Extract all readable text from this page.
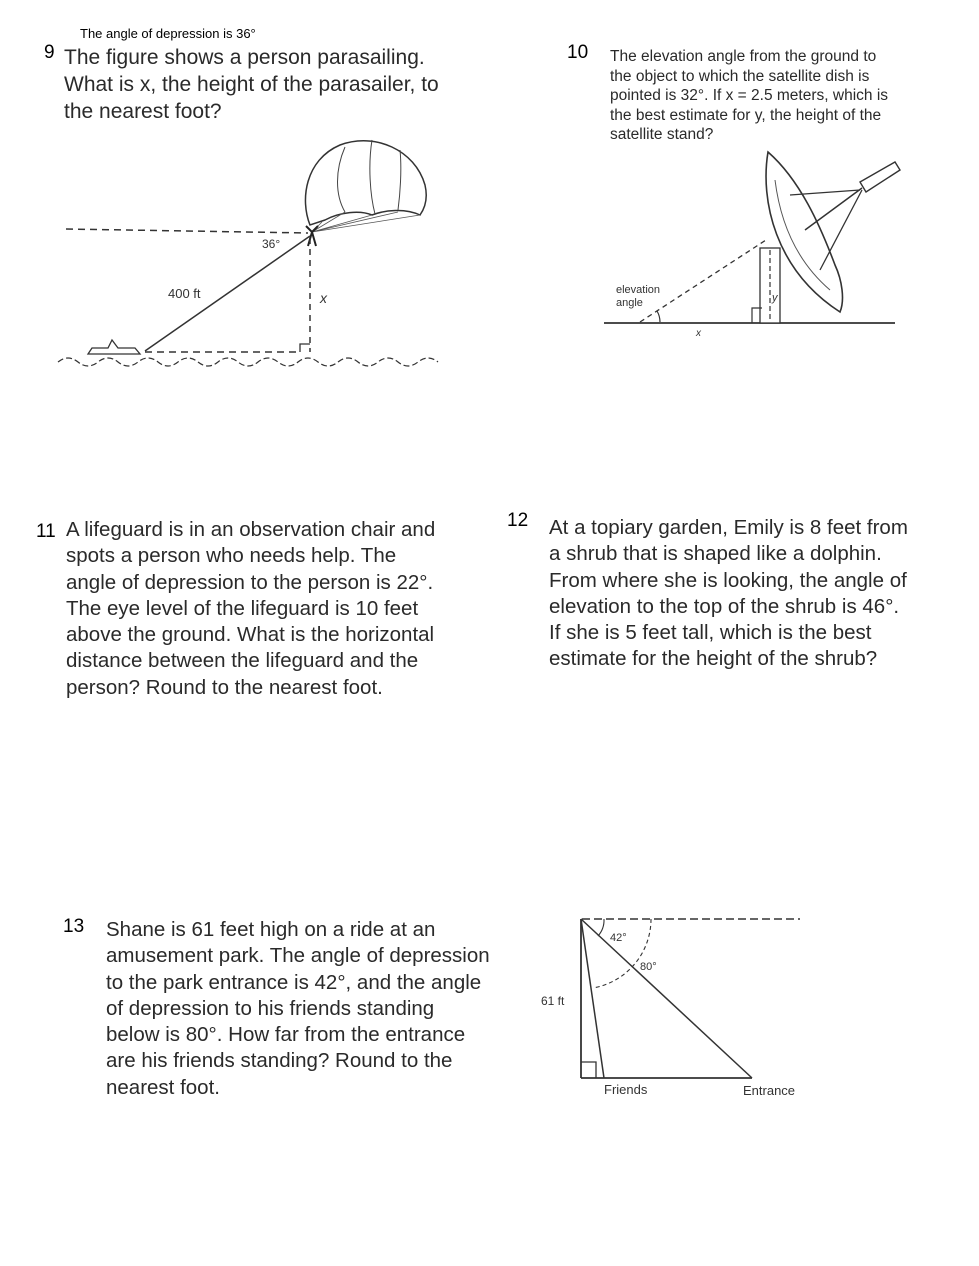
The angle of depression is 36°
9 The figure shows a person parasailing.
What is x, the height of the parasailer, to
the nearest foot?
36°
400 ft	x
10 The elevation angle from the ground to
the object to which the satellite dish is
pointed is 32°. If x = 2.5 meters, which is
the best estimate for y, the height of the
satellite stand?
elevation
angle
x
y
11 A lifeguard is in an observation chair and
spots a person who needs help. The
angle of depression to the person is 22°.
The eye level of the lifeguard is 10 feet
above the ground. What is the horizontal
distance between the lifeguard and the
person? Round to the nearest foot.
12 At a topiary garden, Emily is 8 feet from
a shrub that is shaped like a dolphin.
From where she is looking, the angle of
elevation to the top of the shrub is 46°.
If she is 5 feet tall, which is the best
estimate for the height of the shrub?
13 Shane is 61 feet high on a ride at an
amusement park. The angle of depression
to the park entrance is 42°, and the angle
of depression to his friends standing
below is 80°. How far from the entrance
are his friends standing? Round to the
nearest foot.
42°
80°
61 ft
Friends	Entrance
